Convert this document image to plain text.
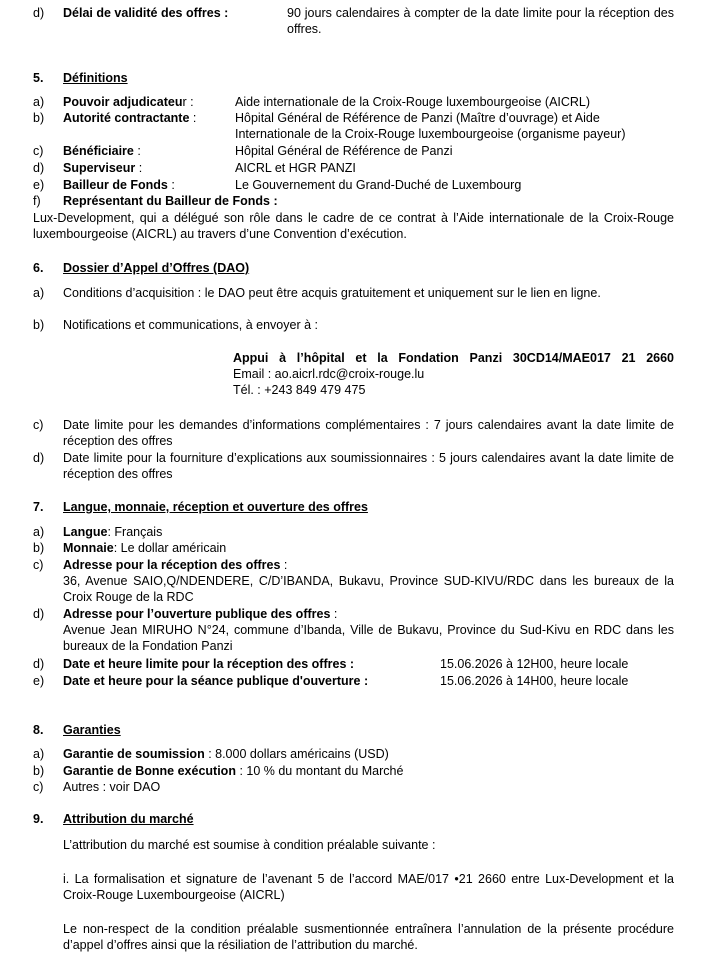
d)	Délai de validité des offres :	90 jours calendaires à compter de la date limite pour la réception des offres.
5.	Définitions
a)	Pouvoir adjudicateur :	Aide internationale de la Croix-Rouge luxembourgeoise (AICRL)
b)	Autorité contractante :	Hôpital Général de Référence de Panzi (Maître d’ouvrage) et Aide
Internationale de la Croix-Rouge luxembourgeoise (organisme payeur)
c)	Bénéficiaire :	Hôpital Général de Référence de Panzi
d)	Superviseur :	AICRL et HGR PANZI
e)	Bailleur de Fonds :	Le Gouvernement du Grand-Duché de Luxembourg
f)	Représentant du Bailleur de Fonds :
Lux-Development, qui a délégué son rôle dans le cadre de ce contrat à l’Aide internationale de la Croix-Rouge luxembourgeoise (AICRL) au travers d’une Convention d’exécution.
6.	Dossier d’Appel d’Offres (DAO)
a)	Conditions d’acquisition : le DAO peut être acquis gratuitement et uniquement sur le lien en ligne.
b)	Notifications et communications, à envoyer à :
Appui à l’hôpital et la Fondation Panzi 30CD14/MAE017 21 2660
Email : ao.aicrl.rdc@croix-rouge.lu
Tél. : +243 849 479 475
c)	Date limite pour les demandes d’informations complémentaires : 7 jours calendaires avant la date limite de réception des offres
d)	Date limite pour la fourniture d’explications aux soumissionnaires : 5 jours calendaires avant la date limite de réception des offres
7.	Langue, monnaie, réception et ouverture des offres
a)	Langue: Français
b)	Monnaie: Le dollar américain
c)	Adresse pour la réception des offres :
36, Avenue SAIO,Q/NDENDERE, C/D’IBANDA, Bukavu, Province SUD-KIVU/RDC dans les bureaux de la Croix Rouge de la RDC
d)	Adresse pour l’ouverture publique des offres :
Avenue Jean MIRUHO N°24, commune d’Ibanda, Ville de Bukavu, Province du Sud-Kivu en RDC dans les bureaux de la Fondation Panzi
d)	Date et heure limite pour la réception des offres :	15.06.2026 à 12H00, heure locale
e)	Date et heure pour la séance publique d'ouverture :	15.06.2026 à 14H00, heure locale
8.	Garanties
a)	Garantie de soumission : 8.000 dollars américains (USD)
b)	Garantie de Bonne exécution : 10 % du montant du Marché
c)	Autres : voir DAO
9.	Attribution du marché
L’attribution du marché est soumise à condition préalable suivante :
i. La formalisation et signature de l’avenant 5 de l’accord MAE/017 •21 2660 entre Lux-Development et la Croix-Rouge Luxembourgeoise (AICRL)
Le non-respect de la condition préalable susmentionnée entraînera l’annulation de la présente procédure d’appel d’offres ainsi que la résiliation de l’attribution du marché.
